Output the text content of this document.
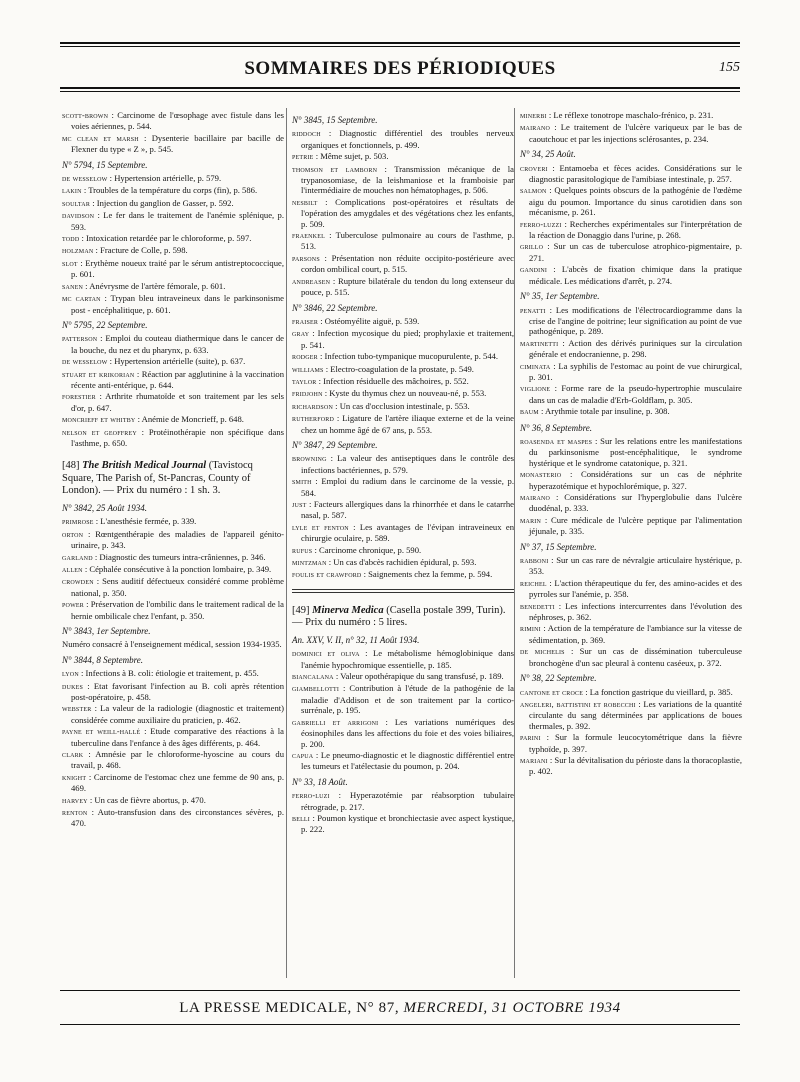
SOMMAIRES DES PÉRIODIQUES	155

scott-brown : Carcinome de l'œsophage avec fistule dans les voies aériennes, p. 544.

mc clean et marsh : Dysenterie bacillaire par bacille de Flexner du type « Z », p. 545.

N° 5794, 15 Septembre.

de wesselow : Hypertension artérielle, p. 579.

lakin : Troubles de la température du corps (fin), p. 586.

soultar : Injection du ganglion de Gasser, p. 592.

davidson : Le fer dans le traitement de l'anémie splénique, p. 593.

todd : Intoxication retardée par le chloroforme, p. 597.

holzman : Fracture de Colle, p. 598.

slot : Erythème noueux traité par le sérum antistreptococcique, p. 601.

sanen : Anévrysme de l'artère fémorale, p. 601.

mc cartan : Trypan bleu intraveineux dans le parkinsonisme post - encéphalitique, p. 601.

N° 5795, 22 Septembre.

patterson : Emploi du couteau diathermique dans le cancer de la bouche, du nez et du pharynx, p. 633.

de wesselow : Hypertension artérielle (suite), p. 637.

stuart et krikorian : Réaction par agglutinine à la vaccination récente anti-entérique, p. 644.

forestier : Arthrite rhumatoïde et son traitement par les sels d'or, p. 647.

moncrieff et whitby : Anémie de Moncrieff, p. 648.

nelson et geoffrey : Protéinothérapie non spécifique dans l'asthme, p. 650.

[48] The British Medical Journal (Tavistocq Square, The Parish of, St-Pancras, County of London). — Prix du numéro : 1 sh. 3.

N° 3842, 25 Août 1934.

primrose : L'anesthésie fermée, p. 339.

orton : Rœntgenthérapie des maladies de l'appareil génito-urinaire, p. 343.

garland : Diagnostic des tumeurs intra-crâniennes, p. 346.

allen : Céphalée consécutive à la ponction lombaire, p. 349.

crowden : Sens auditif défectueux considéré comme problème national, p. 350.

power : Préservation de l'ombilic dans le traitement radical de la hernie ombilicale chez l'enfant, p. 350.

N° 3843, 1er Septembre.

Numéro consacré à l'enseignement médical, session 1934-1935.

N° 3844, 8 Septembre.

lyon : Infections à B. coli: étiologie et traitement, p. 455.

dukes : Etat favorisant l'infection au B. coli après rétention post-opératoire, p. 458.

webster : La valeur de la radiologie (diagnostic et traitement) considérée comme auxiliaire du praticien, p. 462.

payne et weill-hallé : Etude comparative des réactions à la tuberculine dans l'enfance à des âges différents, p. 464.

clark : Amnésie par le chloroforme-hyoscine au cours du travail, p. 468.

knight : Carcinome de l'estomac chez une femme de 90 ans, p. 469.

harvey : Un cas de fièvre abortus, p. 470.

renton : Auto-transfusion dans des circonstances sévères, p. 470.

N° 3845, 15 Septembre.

riddoch : Diagnostic différentiel des troubles nerveux organiques et fonctionnels, p. 499.

petrie : Même sujet, p. 503.

thomson et lamborn : Transmission mécanique de la trypanosomiase, de la leishmaniose et la framboisie par l'intermédiaire de mouches non hématophages, p. 506.

nesbilt : Complications post-opératoires et résultats de l'opération des amygdales et des végétations chez les enfants, p. 509.

fraenkel : Tuberculose pulmonaire au cours de l'asthme, p. 513.

parsons : Présentation non réduite occipito-postérieure avec cordon ombilical court, p. 515.

andreasen : Rupture bilatérale du tendon du long extenseur du pouce, p. 515.

N° 3846, 22 Septembre.

fraiser : Ostéomyélite aiguë, p. 539.

gray : Infection mycosique du pied; prophylaxie et traitement, p. 541.

rodger : Infection tubo-tympanique mucopurulente, p. 544.

williams : Electro-coagulation de la prostate, p. 549.

taylor : Infection résiduelle des mâchoires, p. 552.

fridjohn : Kyste du thymus chez un nouveau-né, p. 553.

richardson : Un cas d'occlusion intestinale, p. 553.

rutherford : Ligature de l'artère iliaque externe et de la veine chez un homme âgé de 67 ans, p. 553.

N° 3847, 29 Septembre.

browning : La valeur des antiseptiques dans le contrôle des infections bactériennes, p. 579.

smith : Emploi du radium dans le carcinome de la vessie, p. 584.

just : Facteurs allergiques dans la rhinorrhée et dans le catarrhe nasal, p. 587.

lyle et fenton : Les avantages de l'évipan intraveineux en chirurgie oculaire, p. 589.

rufus : Carcinome chronique, p. 590.

mintzman : Un cas d'abcès rachidien épidural, p. 593.

foulis et crawford : Saignements chez la femme, p. 594.

[49] Minerva Medica (Casella postale 399, Turin). — Prix du numéro : 5 lires.

An. XXV, V. II, n° 32, 11 Août 1934.

dominici et oliva : Le métabolisme hémoglobinique dans l'anémie hypochromique essentielle, p. 185.

biancalana : Valeur opothérapique du sang transfusé, p. 189.

giambellotti : Contribution à l'étude de la pathogénie de la maladie d'Addison et de son traitement par la cortico-surrénale, p. 195.

gabrielli et arrigoni : Les variations numériques des éosinophiles dans les affections du foie et des voies biliaires, p. 200.

capua : Le pneumo-diagnostic et le diagnostic différentiel entre les tumeurs et l'atélectasie du poumon, p. 204.

N° 33, 18 Août.

ferro-luzi : Hyperazotémie par réabsorption tubulaire rétrograde, p. 217.

belli : Poumon kystique et bronchiectasie avec aspect kystique, p. 222.

minerbi : Le réflexe tonotrope maschalo-frénico, p. 231.

mairano : Le traitement de l'ulcère variqueux par le bas de caoutchouc et par les injections sclérosantes, p. 234.

N° 34, 25 Août.

croveri : Entamoeba et fèces acides. Considérations sur le diagnostic parasitologique de l'amibiase intestinale, p. 257.

salmon : Quelques points obscurs de la pathogénie de l'œdème aigu du poumon. Importance du sinus carotidien dans son mécanisme, p. 261.

ferro-luzzi : Recherches expérimentales sur l'interprétation de la réaction de Donaggio dans l'urine, p. 268.

grillo : Sur un cas de tuberculose atrophico-pigmentaire, p. 271.

gandini : L'abcès de fixation chimique dans la pratique médicale. Les médications d'arrêt, p. 274.

N° 35, 1er Septembre.

penatti : Les modifications de l'électrocardiogramme dans la crise de l'angine de poitrine; leur signification au point de vue pathogénique, p. 289.

martinetti : Action des dérivés puriniques sur la circulation générale et endocranienne, p. 298.

ciminata : La syphilis de l'estomac au point de vue chirurgical, p. 301.

viglione : Forme rare de la pseudo-hypertrophie musculaire dans un cas de maladie d'Erb-Goldflam, p. 305.

baum : Arythmie totale par insuline, p. 308.

N° 36, 8 Septembre.

roasenda et maspes : Sur les relations entre les manifestations du parkinsonisme post-encéphalitique, le syndrome hystérique et le syndrome catatonique, p. 321.

monasterio : Considérations sur un cas de néphrite hyperazotémique et hypochlorémique, p. 327.

mairano : Considérations sur l'hyperglobulie dans l'ulcère duodénal, p. 333.

marin : Cure médicale de l'ulcère peptique par l'alimentation jéjunale, p. 335.

N° 37, 15 Septembre.

rabboni : Sur un cas rare de névralgie articulaire hystérique, p. 353.

reichel : L'action thérapeutique du fer, des amino-acides et des pyrroles sur l'anémie, p. 358.

benedetti : Les infections intercurrentes dans l'évolution des néphroses, p. 362.

rimini : Action de la température de l'ambiance sur la vitesse de sédimentation, p. 369.

de michelis : Sur un cas de dissémination tuberculeuse bronchogène d'un sac pleural à contenu caséeux, p. 372.

N° 38, 22 Septembre.

cantone et croce : La fonction gastrique du vieillard, p. 385.

angeleri, battistini et robecchi : Les variations de la quantité circulante du sang déterminées par applications de boues thermales, p. 392.

parini : Sur la formule leucocytométrique dans la fièvre typhoïde, p. 397.

mariani : Sur la dévitalisation du périoste dans la thoracoplastie, p. 402.

LA PRESSE MEDICALE, N° 87, MERCREDI, 31 OCTOBRE 1934
